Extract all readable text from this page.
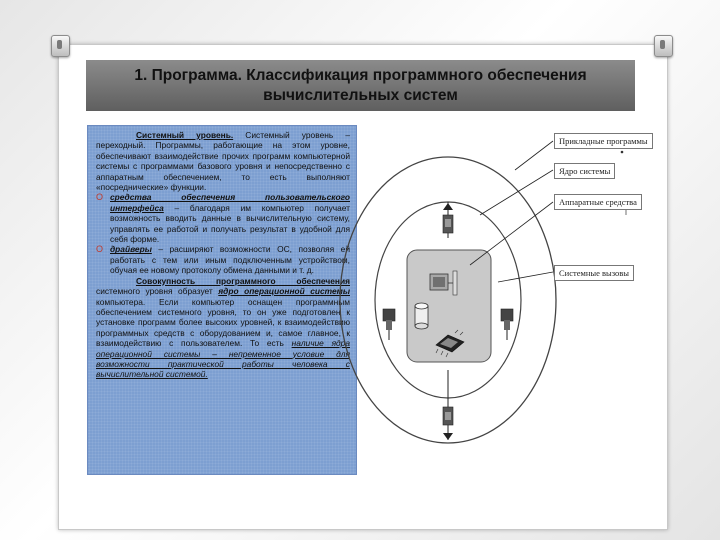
1. Программа. Классификация программного обеспечения
вычислительных систем

Системный уровень. Системный уровень – переходный. Программы, работающие на этом уровне, обеспечивают взаимодействие прочих программ компьютерной системы с программами базового уровня и непосредственно с аппаратным обеспечением, то есть выполняют «посреднические» функции.

O средства обеспечения пользовательского интерфейса – благодаря им компьютер получает возможность вводить данные в вычислительную систему, управлять ее работой и получать результат в удобной для себя форме.

O драйверы – расширяют возможности ОС, позволяя ей работать с тем или иным подключенным устройством, обучая ее новому протоколу обмена данными и т. д.

Совокупность программного обеспечения системного уровня образует ядро операционной системы компьютера. Если компьютер оснащен программным обеспечением системного уровня, то он уже подготовлен к установке программ более высоких уровней, к взаимодействию программных средств с оборудованием и, самое главное, к взаимодействию с пользователем. То есть наличие ядра операционной системы – непременное условие для возможности практической работы человека с вычислительной системой.

Прикладные программы
Ядро системы
Аппаратные средства
Системные вызовы
